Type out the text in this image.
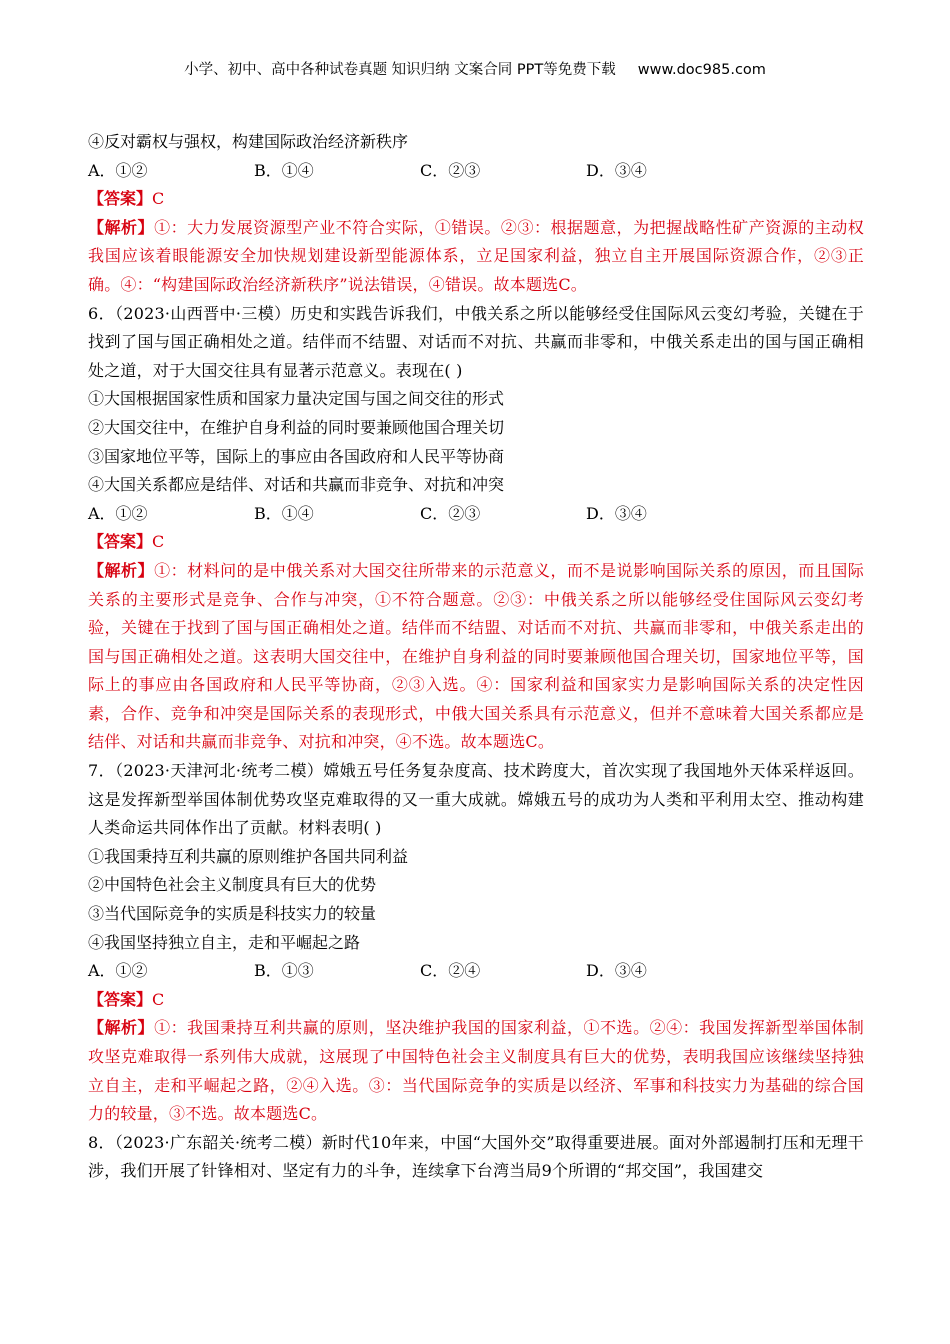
小学、初中、高中各种试卷真题 知识归纳 文案合同 PPT等免费下载 www.doc985.com
④反对霸权与强权，构建国际政治经济新秩序
A．①②	B．①④	C．②③	D．③④
【答案】C
【解析】①：大力发展资源型产业不符合实际，①错误。②③：根据题意，为把握战略性矿产资源的主动权我国应该着眼能源安全加快规划建设新型能源体系，立足国家利益，独立自主开展国际资源合作，②③正确。④：“构建国际政治经济新秩序”说法错误，④错误。故本题选C。
6．（2023·山西晋中·三模）历史和实践告诉我们，中俄关系之所以能够经受住国际风云变幻考验，关键在于找到了国与国正确相处之道。结伴而不结盟、对话而不对抗、共赢而非零和，中俄关系走出的国与国正确相处之道，对于大国交往具有显著示范意义。表现在( )
①大国根据国家性质和国家力量决定国与国之间交往的形式
②大国交往中，在维护自身利益的同时要兼顾他国合理关切
③国家地位平等，国际上的事应由各国政府和人民平等协商
④大国关系都应是结伴、对话和共赢而非竞争、对抗和冲突
A．①②	B．①④	C．②③	D．③④
【答案】C
【解析】①：材料问的是中俄关系对大国交往所带来的示范意义，而不是说影响国际关系的原因，而且国际关系的主要形式是竞争、合作与冲突，①不符合题意。②③：中俄关系之所以能够经受住国际风云变幻考验，关键在于找到了国与国正确相处之道。结伴而不结盟、对话而不对抗、共赢而非零和，中俄关系走出的国与国正确相处之道。这表明大国交往中，在维护自身利益的同时要兼顾他国合理关切，国家地位平等，国际上的事应由各国政府和人民平等协商，②③入选。④：国家利益和国家实力是影响国际关系的决定性因素，合作、竞争和冲突是国际关系的表现形式，中俄大国关系具有示范意义，但并不意味着大国关系都应是结伴、对话和共赢而非竞争、对抗和冲突，④不选。故本题选C。
7．（2023·天津河北·统考二模）嫦娥五号任务复杂度高、技术跨度大，首次实现了我国地外天体采样返回。这是发挥新型举国体制优势攻坚克难取得的又一重大成就。嫦娥五号的成功为人类和平利用太空、推动构建人类命运共同体作出了贡献。材料表明( )
①我国秉持互利共赢的原则维护各国共同利益
②中国特色社会主义制度具有巨大的优势
③当代国际竞争的实质是科技实力的较量
④我国坚持独立自主，走和平崛起之路
A．①②	B．①③	C．②④	D．③④
【答案】C
【解析】①：我国秉持互利共赢的原则，坚决维护我国的国家利益，①不选。②④：我国发挥新型举国体制攻坚克难取得一系列伟大成就，这展现了中国特色社会主义制度具有巨大的优势，表明我国应该继续坚持独立自主，走和平崛起之路，②④入选。③：当代国际竞争的实质是以经济、军事和科技实力为基础的综合国力的较量，③不选。故本题选C。
8．（2023·广东韶关·统考二模）新时代10年来，中国“大国外交”取得重要进展。面对外部遏制打压和无理干涉，我们开展了针锋相对、坚定有力的斗争，连续拿下台湾当局9个所谓的“邦交国”，我国建交
